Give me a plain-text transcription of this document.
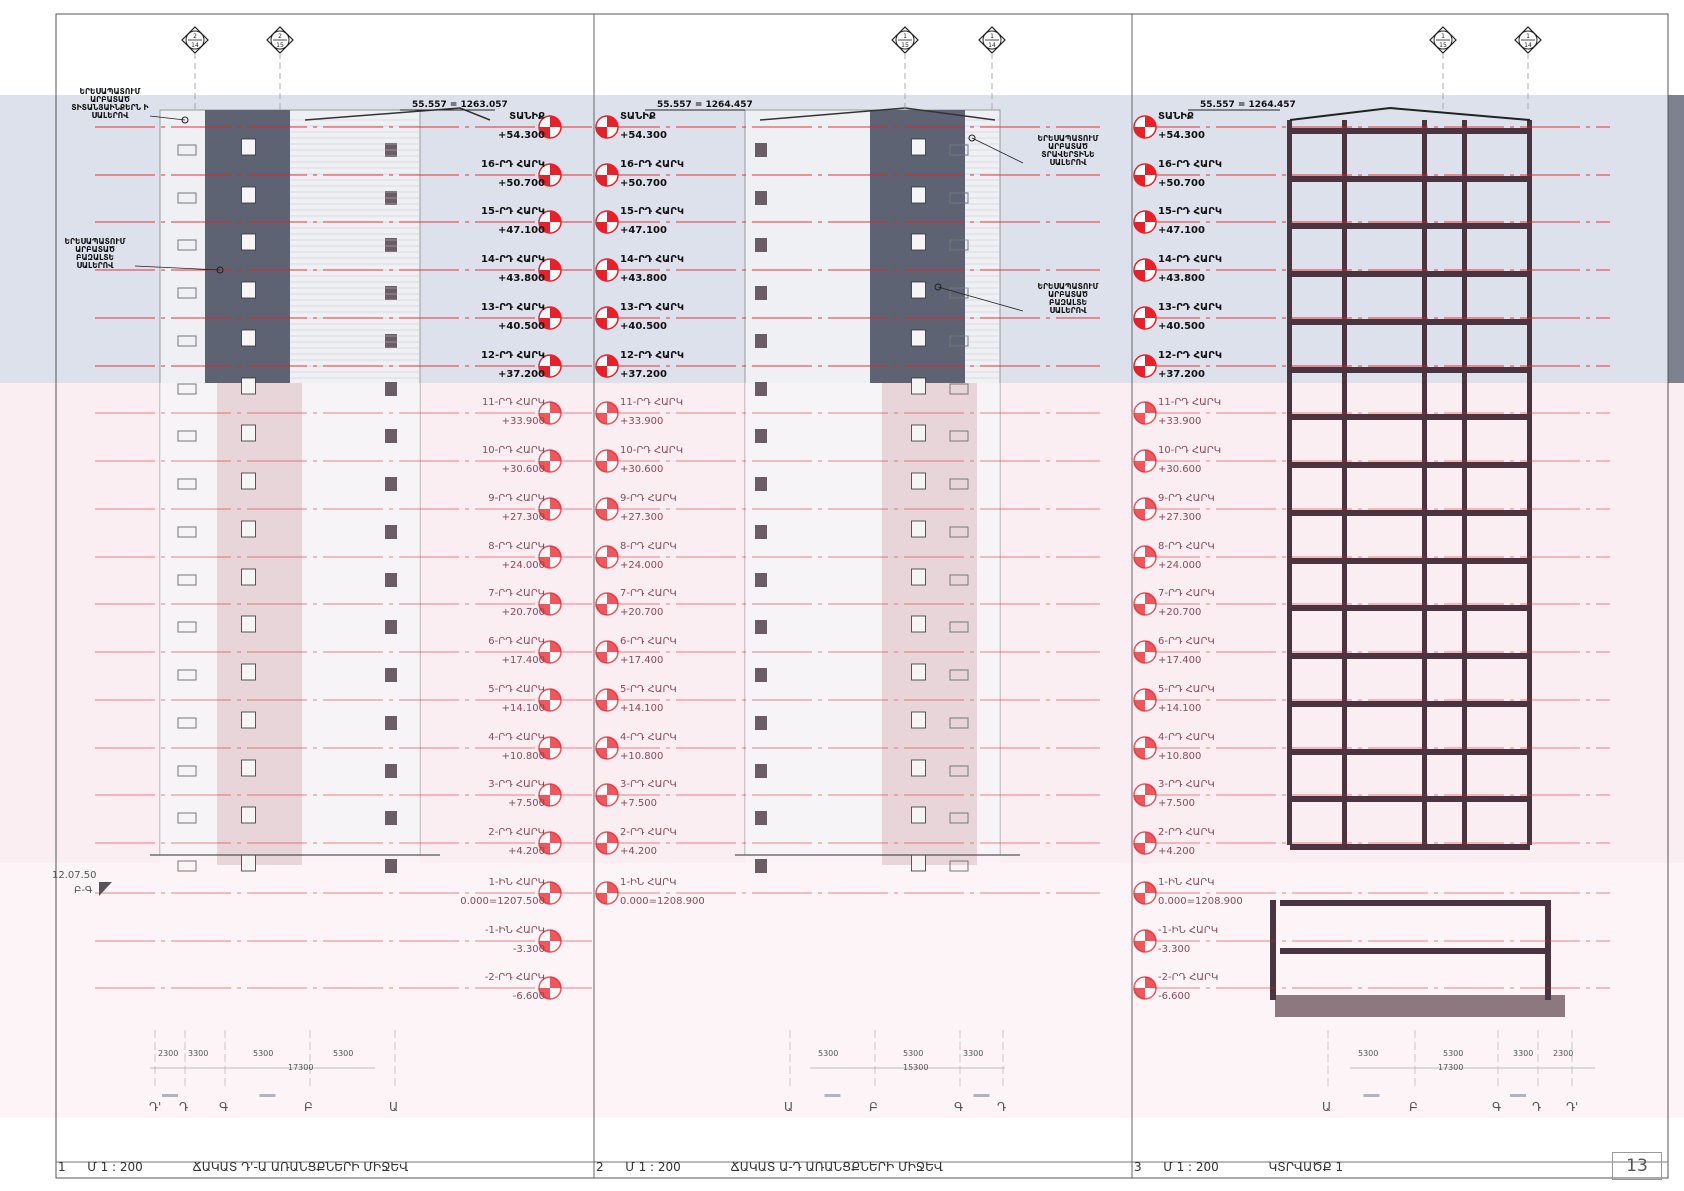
2
14
2
15
1
15
1
14
1
15
1
14
ՏԱՆԻՔ
+54.300
16-ՐԴ ՀԱՐԿ
+50.700
15-ՐԴ ՀԱՐԿ
+47.100
14-ՐԴ ՀԱՐԿ
+43.800
13-ՐԴ ՀԱՐԿ
+40.500
12-ՐԴ ՀԱՐԿ
+37.200
11-ՐԴ ՀԱՐԿ
+33.900
10-ՐԴ ՀԱՐԿ
+30.600
9-ՐԴ ՀԱՐԿ
+27.300
8-ՐԴ ՀԱՐԿ
+24.000
7-ՐԴ ՀԱՐԿ
+20.700
6-ՐԴ ՀԱՐԿ
+17.400
5-ՐԴ ՀԱՐԿ
+14.100
4-ՐԴ ՀԱՐԿ
+10.800
3-ՐԴ ՀԱՐԿ
+7.500
2-ՐԴ ՀԱՐԿ
+4.200
1-ԻՆ ՀԱՐԿ
0.000=1207.500
-1-ԻՆ ՀԱՐԿ
-3.300
-2-ՐԴ ՀԱՐԿ
-6.600
ՏԱՆԻՔ
+54.300
16-ՐԴ ՀԱՐԿ
+50.700
15-ՐԴ ՀԱՐԿ
+47.100
14-ՐԴ ՀԱՐԿ
+43.800
13-ՐԴ ՀԱՐԿ
+40.500
12-ՐԴ ՀԱՐԿ
+37.200
11-ՐԴ ՀԱՐԿ
+33.900
10-ՐԴ ՀԱՐԿ
+30.600
9-ՐԴ ՀԱՐԿ
+27.300
8-ՐԴ ՀԱՐԿ
+24.000
7-ՐԴ ՀԱՐԿ
+20.700
6-ՐԴ ՀԱՐԿ
+17.400
5-ՐԴ ՀԱՐԿ
+14.100
4-ՐԴ ՀԱՐԿ
+10.800
3-ՐԴ ՀԱՐԿ
+7.500
2-ՐԴ ՀԱՐԿ
+4.200
1-ԻՆ ՀԱՐԿ
0.000=1208.900
ՏԱՆԻՔ
+54.300
16-ՐԴ ՀԱՐԿ
+50.700
15-ՐԴ ՀԱՐԿ
+47.100
14-ՐԴ ՀԱՐԿ
+43.800
13-ՐԴ ՀԱՐԿ
+40.500
12-ՐԴ ՀԱՐԿ
+37.200
11-ՐԴ ՀԱՐԿ
+33.900
10-ՐԴ ՀԱՐԿ
+30.600
9-ՐԴ ՀԱՐԿ
+27.300
8-ՐԴ ՀԱՐԿ
+24.000
7-ՐԴ ՀԱՐԿ
+20.700
6-ՐԴ ՀԱՐԿ
+17.400
5-ՐԴ ՀԱՐԿ
+14.100
4-ՐԴ ՀԱՐԿ
+10.800
3-ՐԴ ՀԱՐԿ
+7.500
2-ՐԴ ՀԱՐԿ
+4.200
1-ԻՆ ՀԱՐԿ
0.000=1208.900
-1-ԻՆ ՀԱՐԿ
-3.300
-2-ՐԴ ՀԱՐԿ
-6.600
55.557 = 1263.057	55.557 = 1264.457	55.557 = 1264.457
ԵՐԵՍԱՊԱՏՈՒՄ
ԱՐԲԱՏԱԾ
ՏԻՏԱՆՅԱԻՆՔԵՐՆ Ի
ՍԱԼԵՐՈՎ
ԵՐԵՍԱՊԱՏՈՒՄ
ԱՐԲԱՏԱԾ
ԲԱԶԱԼՏԵ
ՍԱԼԵՐՈՎ
ԵՐԵՍԱՊԱՏՈՒՄ
ԱՐԲԱՏԱԾ
ՏՐԱՎԵՐՏԻՆԵ
ՍԱԼԵՐՈՎ
ԵՐԵՍԱՊԱՏՈՒՄ
ԱՐԲԱՏԱԾ
ԲԱԶԱԼՏԵ
ՍԱԼԵՐՈՎ
12.07.50
Բ-Գ
2300 3300	5300	5300
17300
5300	5300	3300
15300
5300	5300	3300 2300
17300
Դ' Դ	Գ	Բ	Ա	Ա	Բ	Գ	Դ	Ա	Բ	Գ	Դ Դ'
1 Մ 1 : 200	ՃԱԿԱՏ Դ'-Ա ԱՌԱՆՑՔՆԵՐԻ ՄԻՋԵՎ	2 Մ 1 : 200	ՃԱԿԱՏ Ա-Դ ԱՌԱՆՑՔՆԵՐԻ ՄԻՋԵՎ	3 Մ 1 : 200	ԿՏՐՎԱԾՔ 1	13
